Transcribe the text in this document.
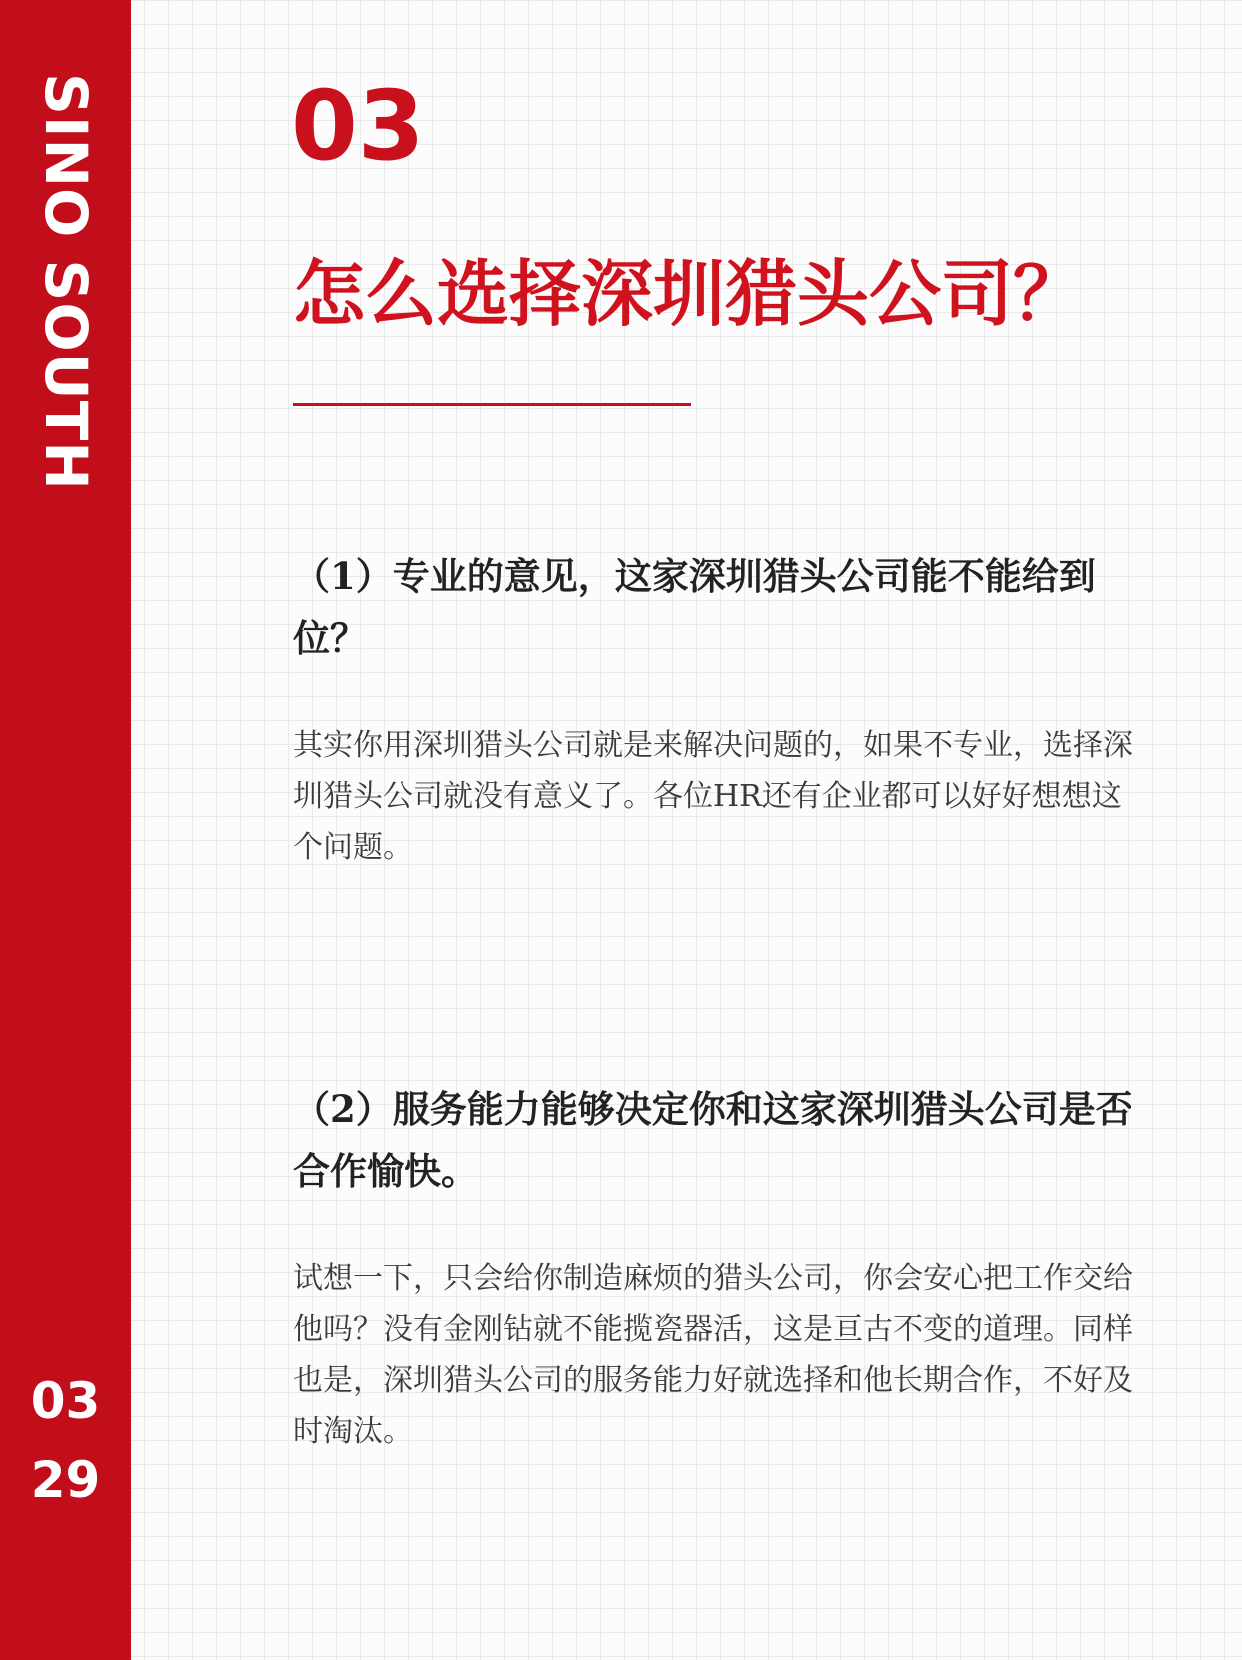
SINO SOUTH
03
29
03
怎么选择深圳猎头公司？
（1）专业的意见，这家深圳猎头公司能不能给到位？

其实你用深圳猎头公司就是来解决问题的，如果不专业，选择深圳猎头公司就没有意义了。各位HR还有企业都可以好好想想这个问题。

（2）服务能力能够决定你和这家深圳猎头公司是否合作愉快。

试想一下，只会给你制造麻烦的猎头公司，你会安心把工作交给他吗？没有金刚钻就不能揽瓷器活，这是亘古不变的道理。同样也是，深圳猎头公司的服务能力好就选择和他长期合作，不好及时淘汰。
